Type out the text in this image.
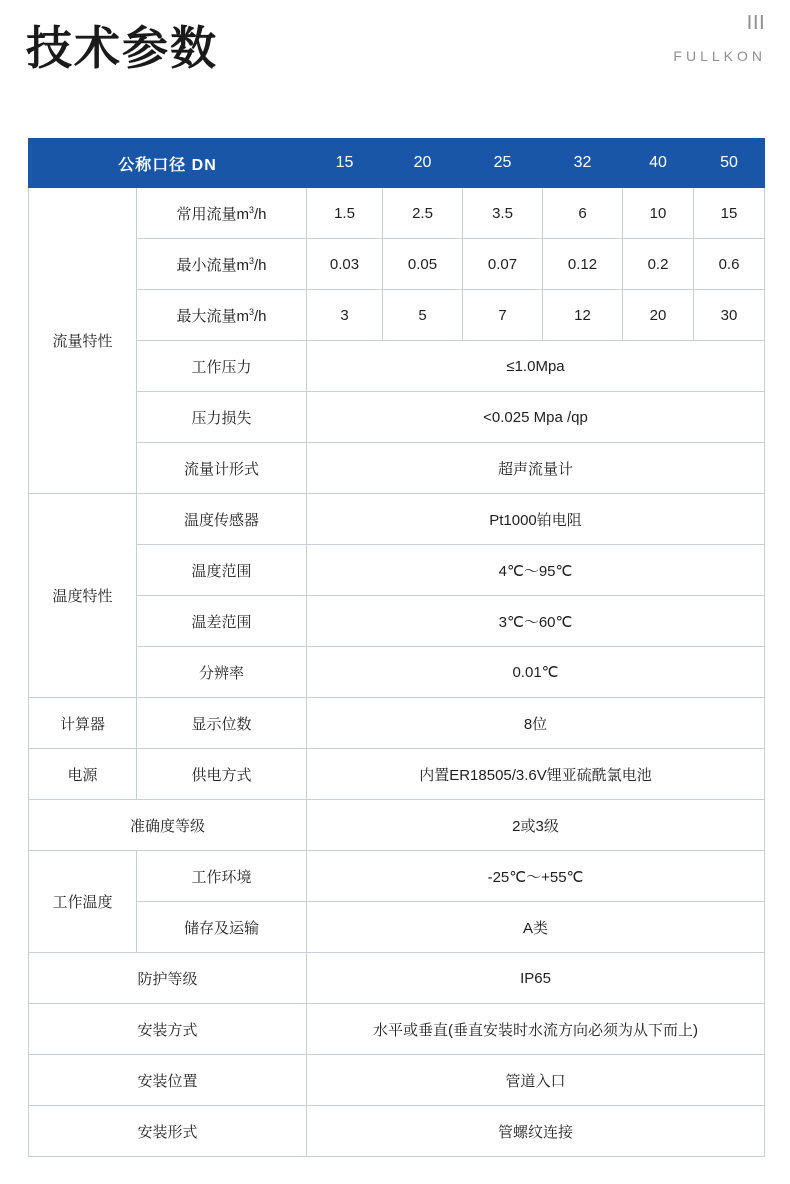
技术参数
|||
FULLKON
公称口径 DN		15	20	25	32	40	50
流量特性	常用流量$m^3/h$	1.5	2.5	3.5	6	10	15
	最小流量$m^3/h$	0.03	0.05	0.07	0.12	0.2	0.6
	最大流量$m^3/h$	3	5	7	12	20	30
	工作压力	≤1.0Mpa					
	压力损失	<0.025 Mpa /qp					
	流量计形式	超声流量计					
温度特性	温度传感器	Pt1000铂电阻					
	温度范围	4℃～95℃					
	温差范围	3℃～60℃					
	分辨率	0.01℃					
计算器	显示位数	8位					
电源	供电方式	内置ER18505/3.6V锂亚硫酰氯电池					
准确度等级		2或3级					
工作温度	工作环境	-25℃～+55℃					
	储存及运输	A类					
防护等级		IP65					
安装方式		水平或垂直(垂直安装时水流方向必须为从下而上)					
安装位置		管道入口					
安装形式		管螺纹连接					
